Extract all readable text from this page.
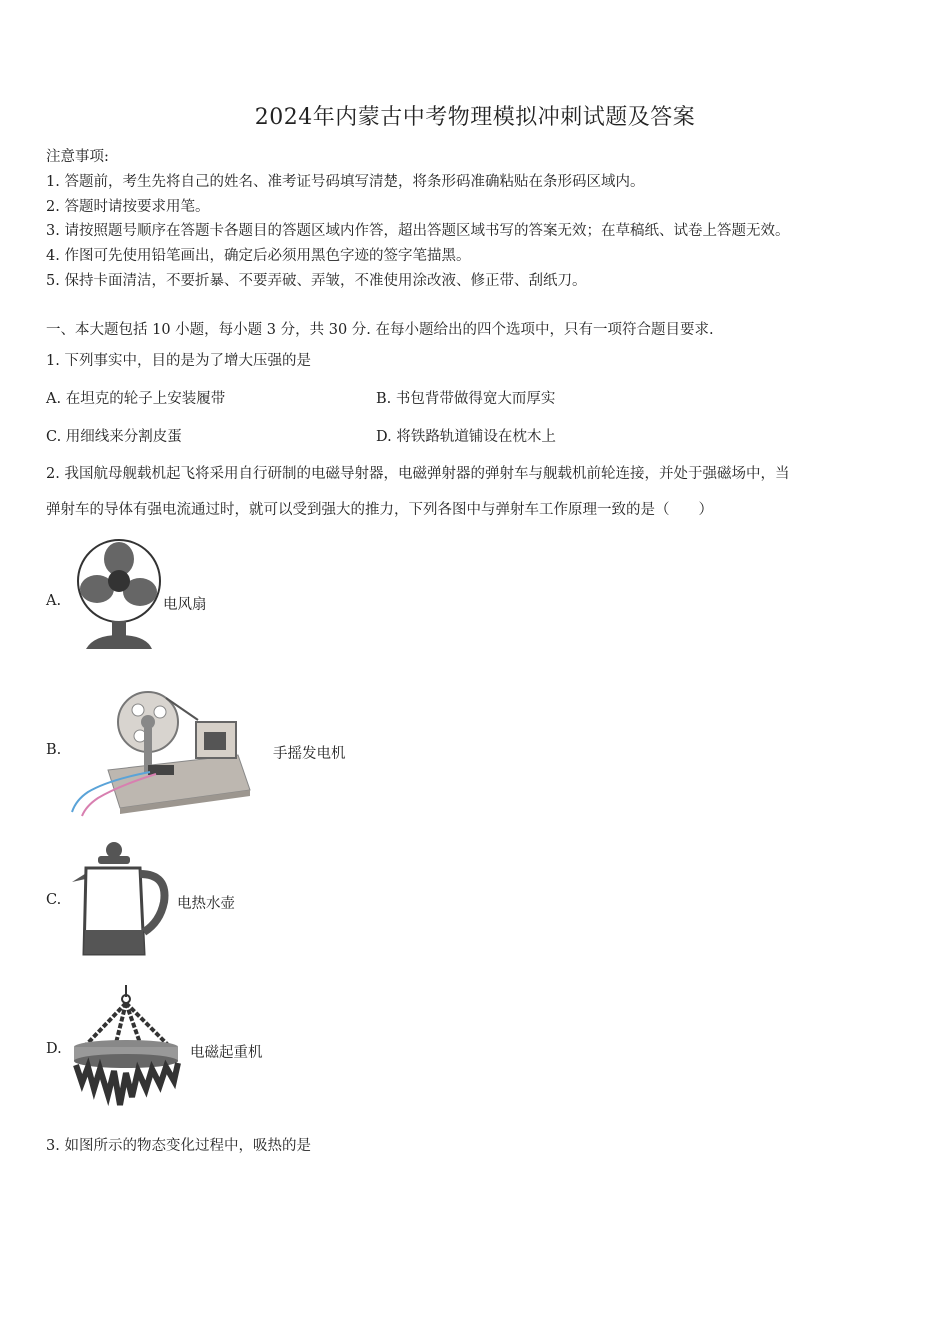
2024年内蒙古中考物理模拟冲刺试题及答案
注意事项:
1. 答题前，考生先将自己的姓名、准考证号码填写清楚，将条形码准确粘贴在条形码区域内。
2. 答题时请按要求用笔。
3. 请按照题号顺序在答题卡各题目的答题区域内作答，超出答题区域书写的答案无效；在草稿纸、试卷上答题无效。
4. 作图可先使用铅笔画出，确定后必须用黑色字迹的签字笔描黑。
5. 保持卡面清洁，不要折暴、不要弄破、弄皱，不准使用涂改液、修正带、刮纸刀。
一、本大题包括 10 小题，每小题 3 分，共 30 分. 在每小题给出的四个选项中，只有一项符合题目要求.
1. 下列事实中，目的是为了增大压强的是
A. 在坦克的轮子上安装履带	B. 书包背带做得宽大而厚实
C. 用细线来分割皮蛋	D. 将铁路轨道铺设在枕木上
2. 我国航母舰载机起飞将采用自行研制的电磁导射器，电磁弹射器的弹射车与舰载机前轮连接，并处于强磁场中，当
弹射车的导体有强电流通过时，就可以受到强大的推力，下列各图中与弹射车工作原理一致的是（　　）
A.	电风扇
B.	手摇发电机
C.	电热水壶
D.	电磁起重机
3. 如图所示的物态变化过程中，吸热的是
